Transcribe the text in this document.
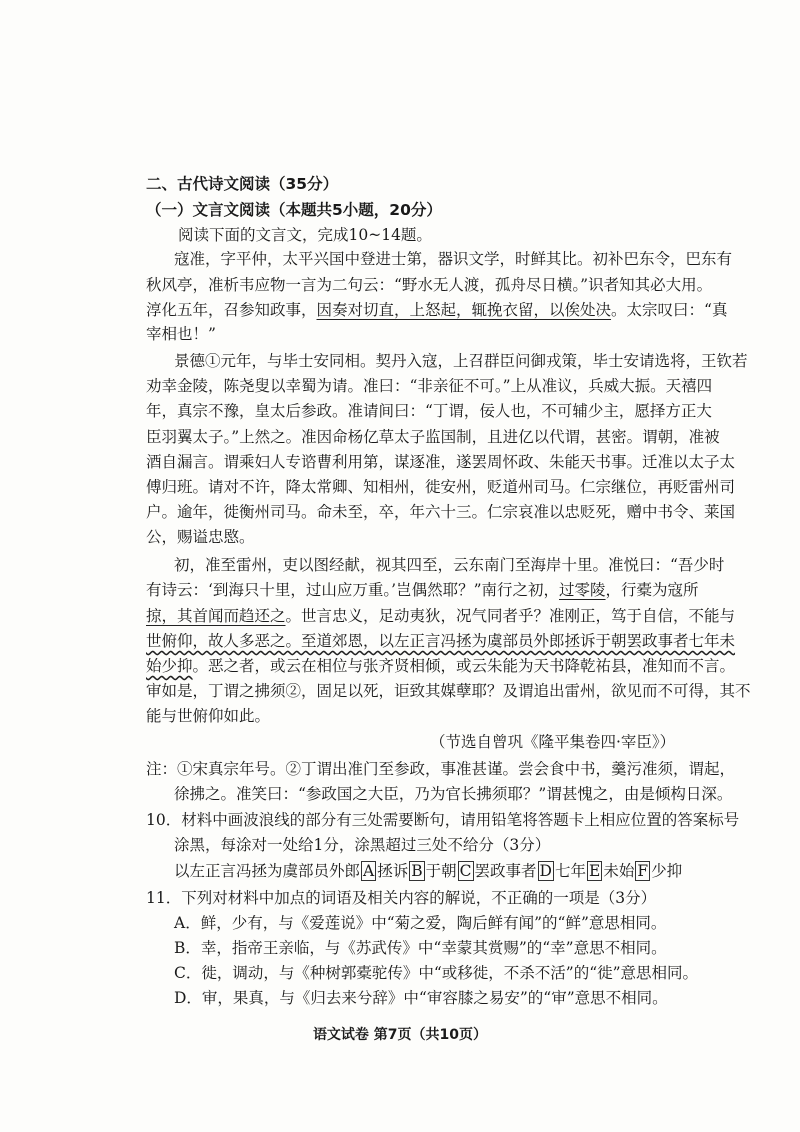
二、古代诗文阅读（35分）
（一）文言文阅读（本题共5小题，20分）
阅读下面的文言文，完成10~14题。
寇准，字平仲，太平兴国中登进士第，器识文学，时鲜其比。初补巴东令，巴东有
秋风亭，准析韦应物一言为二句云：“野水无人渡，孤舟尽日横。”识者知其必大用。
淳化五年，召参知政事，因奏对切直，上怒起，辄挽衣留，以俟处决。太宗叹曰：“真
宰相也！”
景德①元年，与毕士安同相。契丹入寇，上召群臣问御戎策，毕士安请选将，王钦若
劝幸金陵，陈尧叟以幸蜀为请。准曰：“非亲征不可。”上从准议，兵威大振。天禧四
年，真宗不豫，皇太后参政。准请间曰：“丁谓，佞人也，不可辅少主，愿择方正大
臣羽翼太子。”上然之。准因命杨亿草太子监国制，且进亿以代谓，甚密。谓朝，准被
酒自漏言。谓乘妇人专谘曹利用第，谋逐准，遂罢周怀政、朱能天书事。迁准以太子太
傅归班。请对不许，降太常卿、知相州，徙安州，贬道州司马。仁宗继位，再贬雷州司
户。逾年，徙衡州司马。命未至，卒，年六十三。仁宗哀准以忠贬死，赠中书令、莱国
公，赐谥忠愍。
初，准至雷州，吏以图经献，视其四至，云东南门至海岸十里。准悦曰：“吾少时
有诗云：‘到海只十里，过山应万重。’岂偶然耶？”南行之初，过零陵，行橐为寇所
掠，其首闻而趋还之。世言忠义，足动夷狄，况气同者乎？准刚正，笃于自信，不能与
世俯仰，故人多恶之。至道郊恩，以左正言冯拯为虞部员外郎拯诉于朝罢政事者七年未
始少抑。恶之者，或云在相位与张齐贤相倾，或云朱能为天书降乾祐县，准知而不言。
审如是，丁谓之拂须②，固足以死，讵致其媒孽耶？及谓追出雷州，欲见而不可得，其不
能与世俯仰如此。
（节选自曾巩《隆平集卷四·宰臣》）
注：①宋真宗年号。②丁谓出准门至参政，事准甚谨。尝会食中书，羹污准须，谓起，
徐拂之。准笑曰：“参政国之大臣，乃为官长拂须耶？”谓甚愧之，由是倾构日深。
10．材料中画波浪线的部分有三处需要断句，请用铅笔将答题卡上相应位置的答案标号
涂黑，每涂对一处给1分，涂黑超过三处不给分（3分）
以左正言冯拯为虞部员外郎 A 拯诉 B 于朝 C 罢政事者 D 七年 E 未始 F 少抑
11．下列对材料中加点的词语及相关内容的解说，不正确的一项是（3分）
A．鲜，少有，与《爱莲说》中“菊之爱，陶后鲜有闻”的“鲜”意思相同。
B．幸，指帝王亲临，与《苏武传》中“幸蒙其赏赐”的“幸”意思不相同。
C．徙，调动，与《种树郭橐驼传》中“或移徙，不杀不活”的“徙”意思相同。
D．审，果真，与《归去来兮辞》中“审容膝之易安”的“审”意思不相同。
语文试卷 第7页（共10页）
